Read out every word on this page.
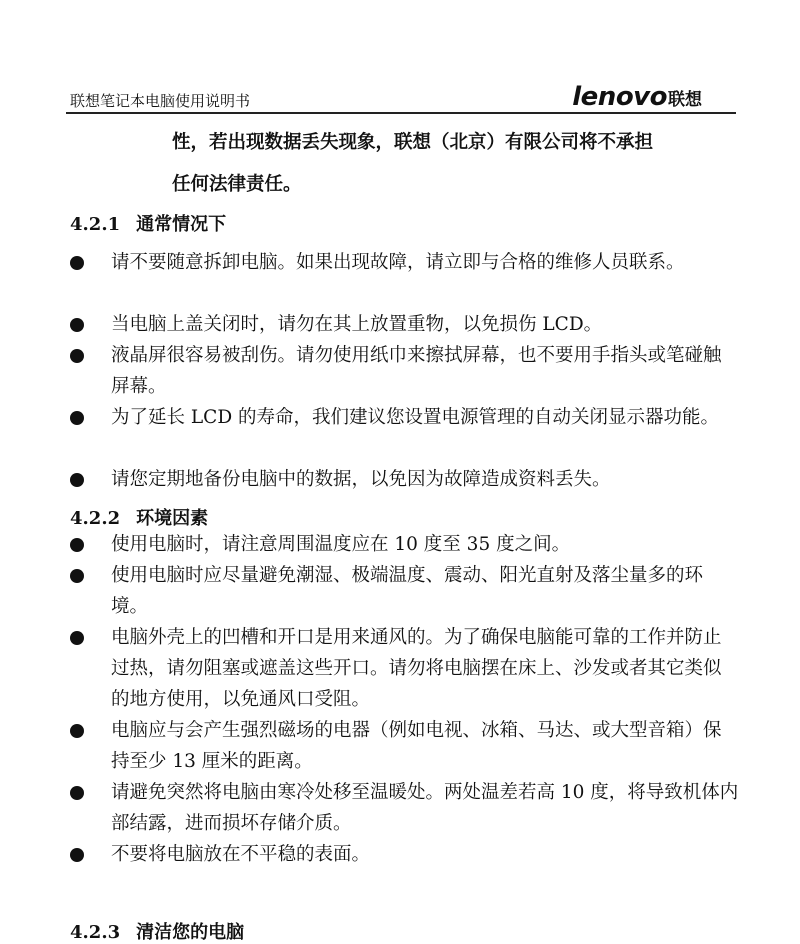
联想笔记本电脑使用说明书	lenovo 联想
性，若出现数据丢失现象，联想（北京）有限公司将不承担
任何法律责任。
4.2.1 通常情况下
请不要随意拆卸电脑。如果出现故障，请立即与合格的维修人员联系。
当电脑上盖关闭时，请勿在其上放置重物，以免损伤 LCD。
液晶屏很容易被刮伤。请勿使用纸巾来擦拭屏幕，也不要用手指头或笔碰触屏幕。
为了延长 LCD 的寿命，我们建议您设置电源管理的自动关闭显示器功能。
请您定期地备份电脑中的数据，以免因为故障造成资料丢失。
4.2.2 环境因素
使用电脑时，请注意周围温度应在 10 度至 35 度之间。
使用电脑时应尽量避免潮湿、极端温度、震动、阳光直射及落尘量多的环境。
电脑外壳上的凹槽和开口是用来通风的。为了确保电脑能可靠的工作并防止过热，请勿阻塞或遮盖这些开口。请勿将电脑摆在床上、沙发或者其它类似的地方使用，以免通风口受阻。
电脑应与会产生强烈磁场的电器（例如电视、冰箱、马达、或大型音箱）保持至少 13 厘米的距离。
请避免突然将电脑由寒冷处移至温暖处。两处温差若高 10 度，将导致机体内部结露，进而损坏存储介质。
不要将电脑放在不平稳的表面。
4.2.3 清洁您的电脑
